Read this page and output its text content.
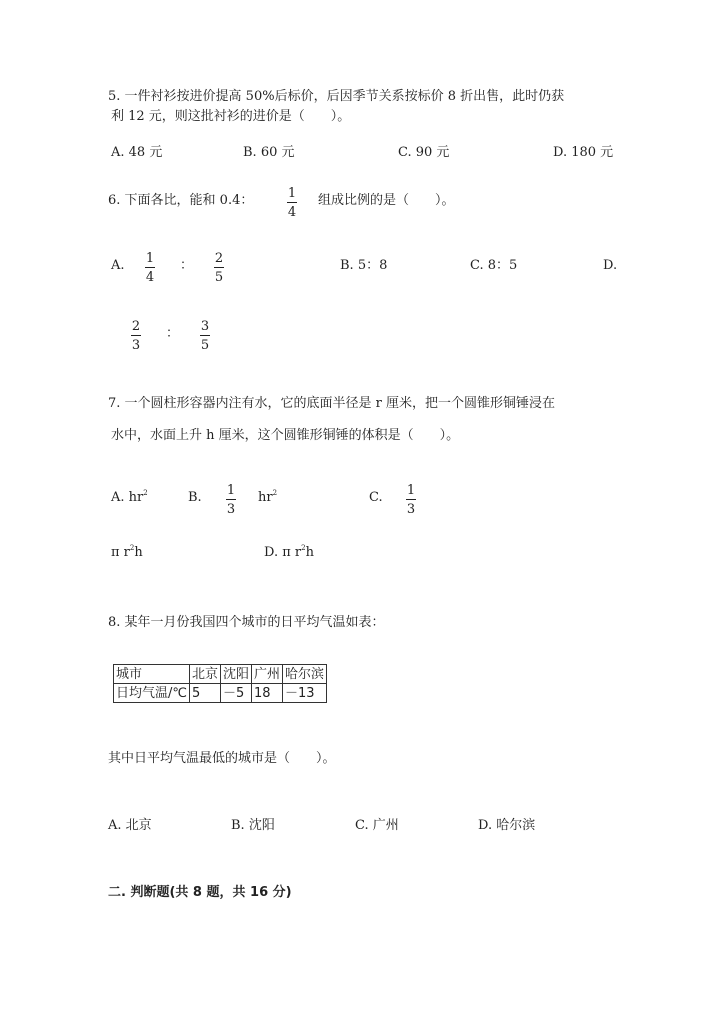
5. 一件衬衫按进价提高 50%后标价，后因季节关系按标价 8 折出售，此时仍获
利 12 元，则这批衬衫的进价是（　　）。
A. 48 元	B. 60 元	C. 90 元	D. 180 元
6. 下面各比，能和 0.4：	1
4
组成比例的是（　　）。
A. 1
4
： 2
5
B. 5：8	C. 8：5	D.
2
3
： 3
5
7. 一个圆柱形容器内注有水，它的底面半径是 r 厘米，把一个圆锥形铜锤浸在
水中，水面上升 h 厘米，这个圆锥形铜锤的体积是（　　）。
A. $hr^2$	B. 1
3
$hr^2$	C. 1
3
π $r^2h$	D. π $r^2h$
8. 某年一月份我国四个城市的日平均气温如表：
城市	北京	沈阳	广州	哈尔滨
日均气温/℃	5	－5	18	－13
其中日平均气温最低的城市是（　　）。
A. 北京	B. 沈阳	C. 广州	D. 哈尔滨
二. 判断题(共 8 题，共 16 分)
